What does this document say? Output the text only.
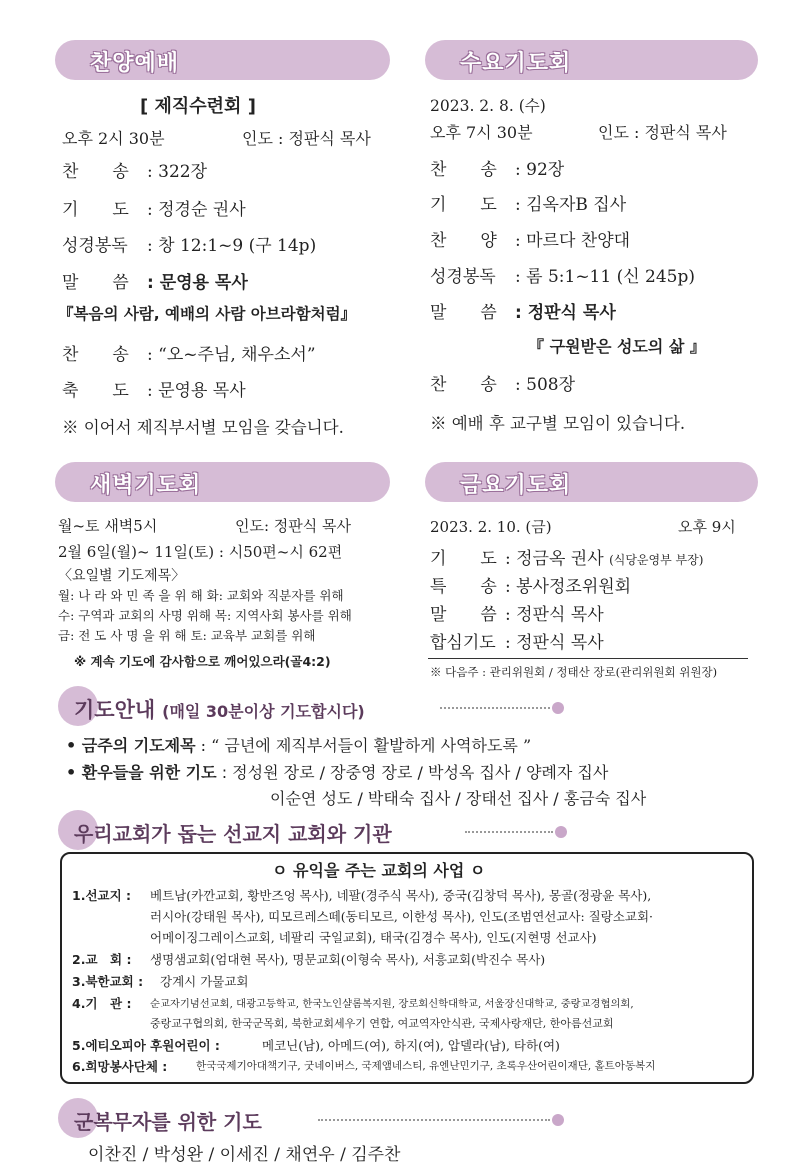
찬양예배
[ 제직수련회 ]
오후 2시 30분	인도 : 정판식 목사
찬　　송 : 322장
기　　도 : 정경순 권사
성경봉독 : 창 12:1~9 (구 14p)
말　　씀 : 문영용 목사
『복음의 사람, 예배의 사람 아브라함처럼』
찬　　송 : “오~주님, 채우소서”
축　　도 : 문영용 목사
※ 이어서 제직부서별 모임을 갖습니다.
수요기도회
2023. 2. 8. (수)
오후 7시 30분	인도 : 정판식 목사
찬　　송 : 92장
기　　도 : 김옥자B 집사
찬　　양 : 마르다 찬양대
성경봉독 : 롬 5:1~11 (신 245p)
말　　씀 : 정판식 목사
『 구원받은 성도의 삶 』
찬　　송 : 508장
※ 예배 후 교구별 모임이 있습니다.
새벽기도회
월~토 새벽5시	인도: 정판식 목사
2월 6일(월)~ 11일(토) : 시50편~시 62편
〈요일별 기도제목〉
월: 나 라 와 민 족 을 위 해 화: 교회와 직분자를 위해
수: 구역과 교회의 사명 위해 목: 지역사회 봉사를 위해
금: 전 도 사 명 을 위 해 토: 교육부 교회를 위해
※ 계속 기도에 감사함으로 깨어있으라(골4:2)
금요기도회
2023. 2. 10. (금)	오후 9시
기　　도 : 정금옥 권사 (식당운영부 부장)
특　　송 : 봉사정조위원회
말　　씀 : 정판식 목사
합심기도 : 정판식 목사
※ 다음주 : 관리위원회 / 정태산 장로(관리위원회 위원장)
기도안내 (매일 30분이상 기도합시다)
• 금주의 기도제목 : “ 금년에 제직부서들이 활발하게 사역하도록 ”
• 환우들을 위한 기도 : 정성원 장로 / 장중영 장로 / 박성옥 집사 / 양례자 집사
이순연 성도 / 박태숙 집사 / 장태선 집사 / 홍금숙 집사
우리교회가 돕는 선교지 교회와 기관
ㅇ 유익을 주는 교회의 사업 ㅇ
1.선교지 : 베트남(카깐교회, 황반즈엉 목사), 네팔(경주식 목사), 중국(김창덕 목사), 몽골(정광윤 목사),
러시아(강태원 목사), 띠모르레스떼(동티모르, 이한성 목사), 인도(조범연선교사: 질랑소교회·
어메이징그레이스교회, 네팔리 국일교회), 태국(김경수 목사), 인도(지현명 선교사)
2.교　회 : 생명샘교회(엄대현 목사), 명문교회(이형숙 목사), 서흥교회(박진수 목사)
3.북한교회 : 강계시 가물교회
4.기　관 : 순교자기념선교회, 대광고등학교, 한국노인샬롬복지원, 장로회신학대학교, 서울장신대학교, 중랑교경협의회,
중랑교구협의회, 한국군목회, 북한교회세우기 연합, 여교역자안식관, 국제사랑재단, 한아름선교회
5.에티오피아 후원어린이 :	메코닌(남), 아메드(여), 하지(여), 압델라(남), 타하(여)
6.희망봉사단체 :	한국국제기아대책기구, 굿네이버스, 국제앰네스티, 유엔난민기구, 초록우산어린이재단, 홀트아동복지
군복무자를 위한 기도
이찬진 / 박성완 / 이세진 / 채연우 / 김주찬
